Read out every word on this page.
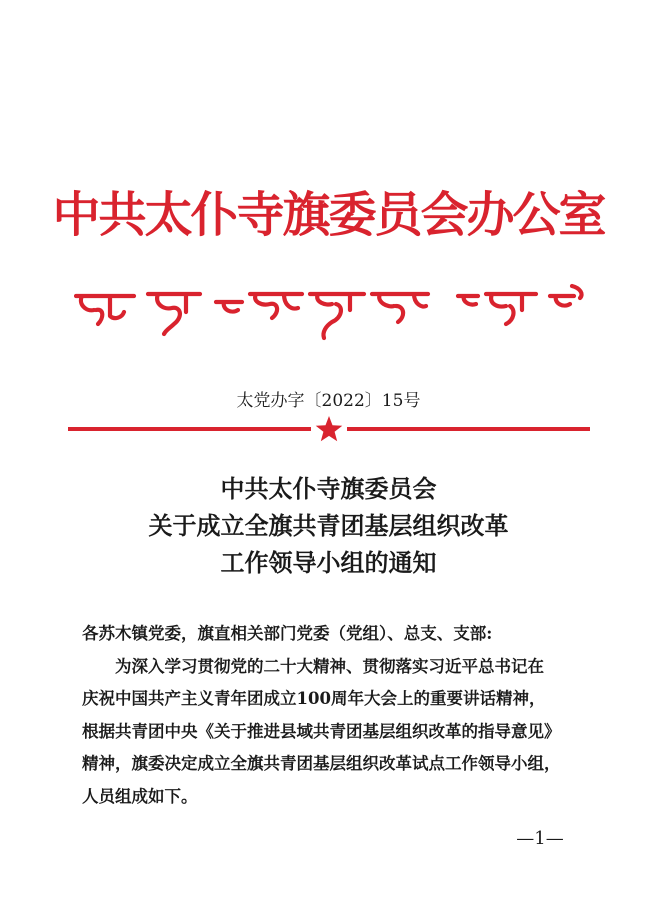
中共太仆寺旗委员会办公室
太党办字〔2022〕15号
中共太仆寺旗委员会
关于成立全旗共青团基层组织改革
工作领导小组的通知

各苏木镇党委，旗直相关部门党委（党组）、总支、支部:

为深入学习贯彻党的二十大精神、贯彻落实习近平总书记在

庆祝中国共产主义青年团成立100周年大会上的重要讲话精神，

根据共青团中央《关于推进县域共青团基层组织改革的指导意见》

精神，旗委决定成立全旗共青团基层组织改革试点工作领导小组，

人员组成如下。

—1—
